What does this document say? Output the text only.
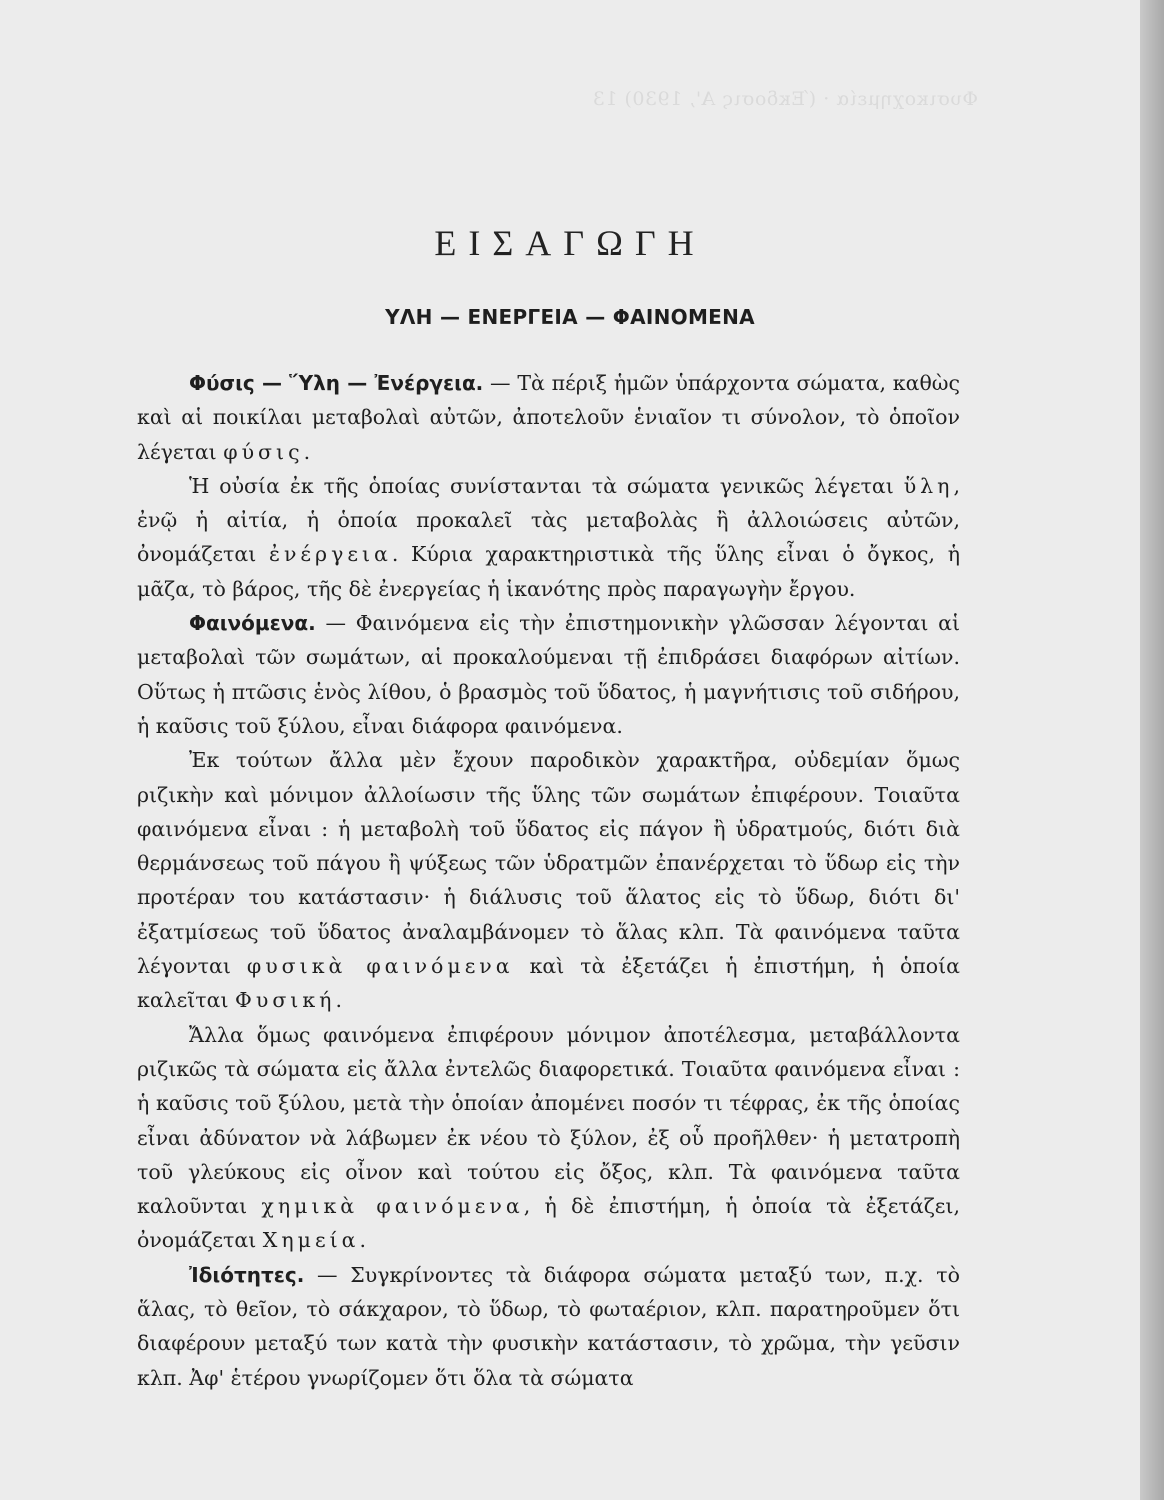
Φυσικοχημεία · (Έκδοσις Α', 1930) 13
ΕΙΣΑΓΩΓΗ
ΥΛΗ — ΕΝΕΡΓΕΙΑ — ΦΑΙΝΟΜΕΝΑ

Φύσις — Ὕλη — Ἐνέργεια. — Τὰ πέριξ ἡμῶν ὑπάρχοντα σώματα, καθὼς καὶ αἱ ποικίλαι μεταβολαὶ αὐτῶν, ἀποτελοῦν ἑνιαῖον τι σύνολον, τὸ ὁποῖον λέγεται φύσις.

Ἡ οὐσία ἐκ τῆς ὁποίας συνίστανται τὰ σώματα γενικῶς λέγεται ὕλη, ἐνῷ ἡ αἰτία, ἡ ὁποία προκαλεῖ τὰς μεταβολὰς ἢ ἀλλοιώσεις αὐτῶν, ὀνομάζεται ἐνέργεια. Κύρια χαρακτηριστικὰ τῆς ὕλης εἶναι ὁ ὄγκος, ἡ μᾶζα, τὸ βάρος, τῆς δὲ ἐνεργείας ἡ ἱκανότης πρὸς παραγωγὴν ἔργου.

Φαινόμενα. — Φαινόμενα εἰς τὴν ἐπιστημονικὴν γλῶσσαν λέγονται αἱ μεταβολαὶ τῶν σωμάτων, αἱ προκαλούμεναι τῇ ἐπιδράσει διαφόρων αἰτίων. Οὕτως ἡ πτῶσις ἑνὸς λίθου, ὁ βρασμὸς τοῦ ὕδατος, ἡ μαγνήτισις τοῦ σιδήρου, ἡ καῦσις τοῦ ξύλου, εἶναι διάφορα φαινόμενα.

Ἐκ τούτων ἄλλα μὲν ἔχουν παροδικὸν χαρακτῆρα, οὐδεμίαν ὅμως ριζικὴν καὶ μόνιμον ἀλλοίωσιν τῆς ὕλης τῶν σωμάτων ἐπιφέρουν. Τοιαῦτα φαινόμενα εἶναι : ἡ μεταβολὴ τοῦ ὕδατος εἰς πάγον ἢ ὑδρατμούς, διότι διὰ θερμάνσεως τοῦ πάγου ἢ ψύξεως τῶν ὑδρατμῶν ἐπανέρχεται τὸ ὕδωρ εἰς τὴν προτέραν του κατάστασιν· ἡ διάλυσις τοῦ ἅλατος εἰς τὸ ὕδωρ, διότι δι' ἐξατμίσεως τοῦ ὕδατος ἀναλαμβάνομεν τὸ ἅλας κλπ. Τὰ φαινόμενα ταῦτα λέγονται φυσικὰ φαινόμενα καὶ τὰ ἐξετάζει ἡ ἐπιστήμη, ἡ ὁποία καλεῖται Φυσική.

Ἄλλα ὅμως φαινόμενα ἐπιφέρουν μόνιμον ἀποτέλεσμα, μεταβάλλοντα ριζικῶς τὰ σώματα εἰς ἄλλα ἐντελῶς διαφορετικά. Τοιαῦτα φαινόμενα εἶναι : ἡ καῦσις τοῦ ξύλου, μετὰ τὴν ὁποίαν ἀπομένει ποσόν τι τέφρας, ἐκ τῆς ὁποίας εἶναι ἀδύνατον νὰ λάβωμεν ἐκ νέου τὸ ξύλον, ἐξ οὗ προῆλθεν· ἡ μετατροπὴ τοῦ γλεύκους εἰς οἶνον καὶ τούτου εἰς ὄξος, κλπ. Τὰ φαινόμενα ταῦτα καλοῦνται χημικὰ φαινόμενα, ἡ δὲ ἐπιστήμη, ἡ ὁποία τὰ ἐξετάζει, ὀνομάζεται Χημεία.

Ἰδιότητες. — Συγκρίνοντες τὰ διάφορα σώματα μεταξύ των, π.χ. τὸ ἅλας, τὸ θεῖον, τὸ σάκχαρον, τὸ ὕδωρ, τὸ φωταέριον, κλπ. παρατηροῦμεν ὅτι διαφέρουν μεταξύ των κατὰ τὴν φυσικὴν κατάστασιν, τὸ χρῶμα, τὴν γεῦσιν κλπ. Ἀφ' ἑτέρου γνωρίζομεν ὅτι ὅλα τὰ σώματα
